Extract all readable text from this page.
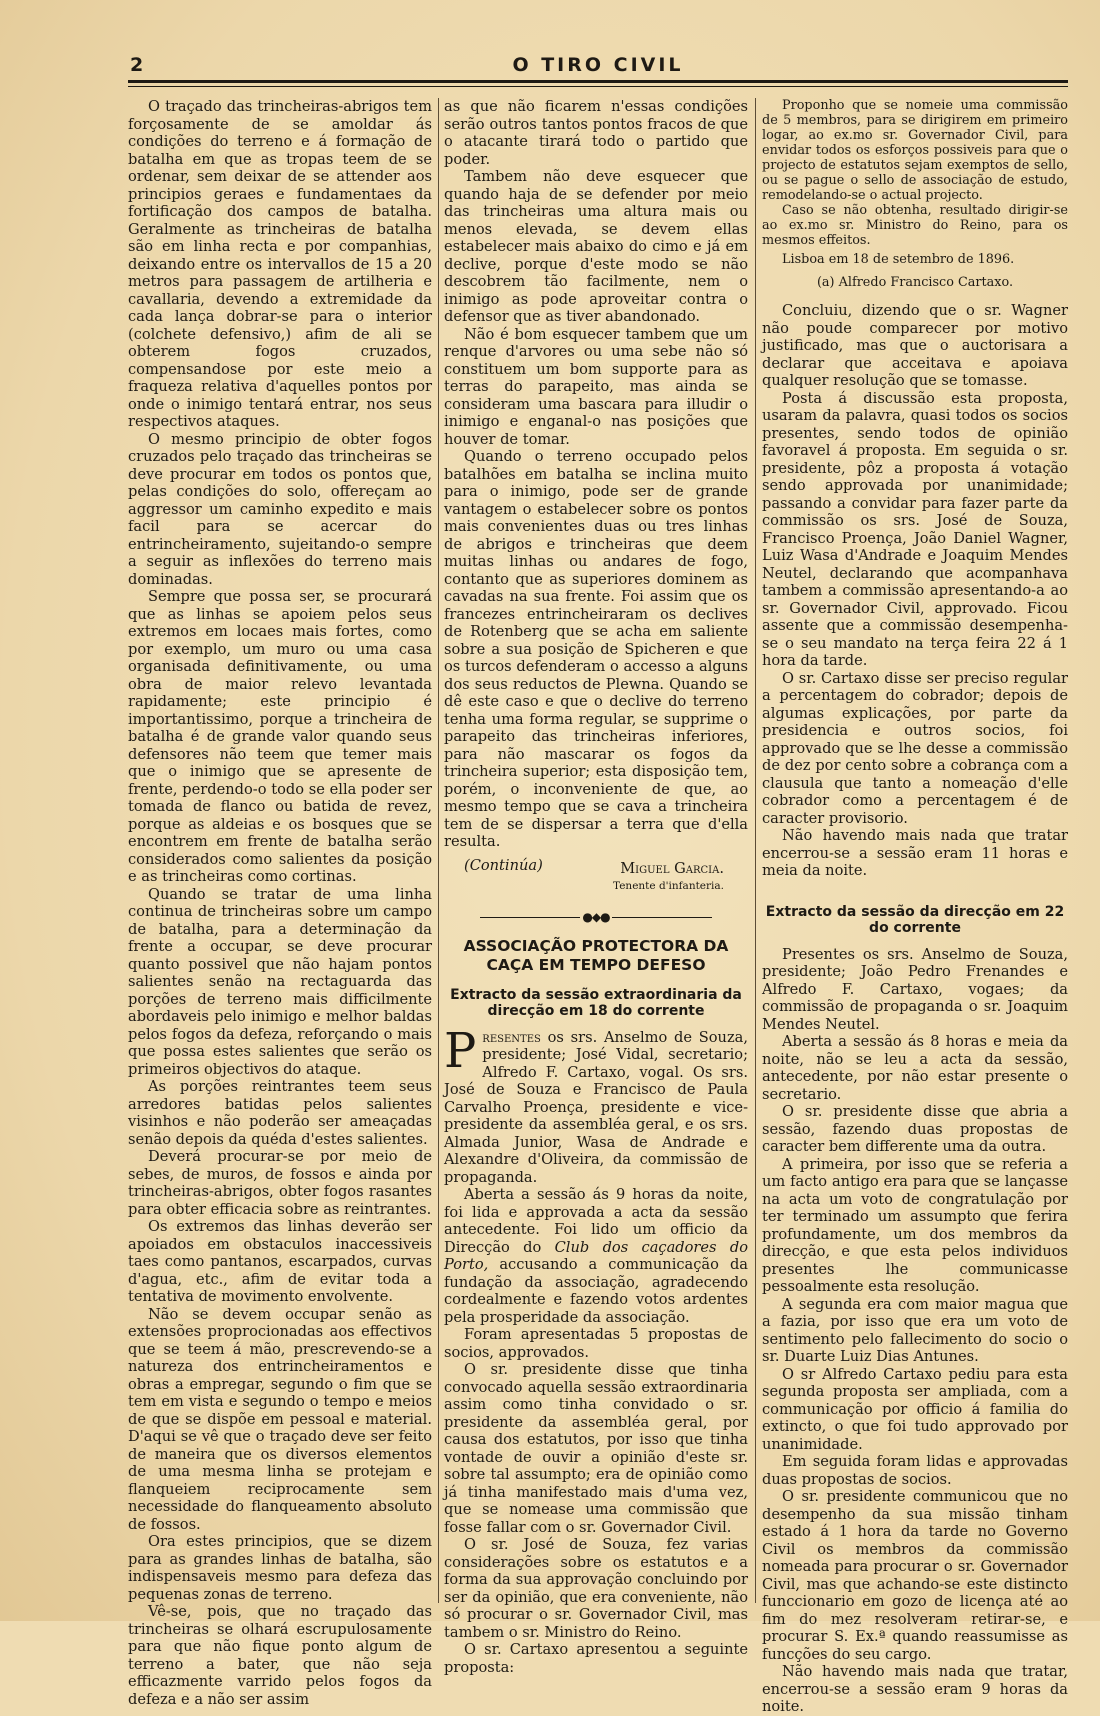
2	O TIRO CIVIL

O traçado das trincheiras-abrigos tem forçosamente de se amoldar ás condições do terreno e á formação de batalha em que as tropas teem de se ordenar, sem deixar de se attender aos principios geraes e fundamentaes da fortificação dos campos de batalha. Geralmente as trincheiras de batalha são em linha recta e por companhias, deixando entre os intervallos de 15 a 20 metros para passagem de artilheria e cavallaria, devendo a extremidade da cada lança dobrar-se para o interior (colchete defensivo,) afim de ali se obterem fogos cruzados, compensandose por este meio a fraqueza relativa d'aquelles pontos por onde o inimigo tentará entrar, nos seus respectivos ataques.

O mesmo principio de obter fogos cruzados pelo traçado das trincheiras se deve procurar em todos os pontos que, pelas condições do solo, offereçam ao aggressor um caminho expedito e mais facil para se acercar do entrincheiramento, sujeitando-o sempre a seguir as inflexões do terreno mais dominadas.

Sempre que possa ser, se procurará que as linhas se apoiem pelos seus extremos em locaes mais fortes, como por exemplo, um muro ou uma casa organisada definitivamente, ou uma obra de maior relevo levantada rapidamente; este principio é importantissimo, porque a trincheira de batalha é de grande valor quando seus defensores não teem que temer mais que o inimigo que se apresente de frente, perdendo-o todo se ella poder ser tomada de flanco ou batida de revez, porque as aldeias e os bosques que se encontrem em frente de batalha serão considerados como salientes da posição e as trincheiras como cortinas.

Quando se tratar de uma linha continua de trincheiras sobre um campo de batalha, para a determinação da frente a occupar, se deve procurar quanto possivel que não hajam pontos salientes senão na rectaguarda das porções de terreno mais difficilmente abordaveis pelo inimigo e melhor baldas pelos fogos da defeza, reforçando o mais que possa estes salientes que serão os primeiros objectivos do ataque.

As porções reintrantes teem seus arredores batidas pelos salientes visinhos e não poderão ser ameaçadas senão depois da quéda d'estes salientes.

Deverá procurar-se por meio de sebes, de muros, de fossos e ainda por trincheiras-abrigos, obter fogos rasantes para obter efficacia sobre as reintrantes.

Os extremos das linhas deverão ser apoiados em obstaculos inaccessiveis taes como pantanos, escarpados, curvas d'agua, etc., afim de evitar toda a tentativa de movimento envolvente.

Não se devem occupar senão as extensões proprocionadas aos effectivos que se teem á mão, prescrevendo-se a natureza dos entrincheiramentos e obras a empregar, segundo o fim que se tem em vista e segundo o tempo e meios de que se dispõe em pessoal e material. D'aqui se vê que o traçado deve ser feito de maneira que os diversos elementos de uma mesma linha se protejam e flanqueiem reciprocamente sem necessidade do flanqueamento absoluto de fossos.

Ora estes principios, que se dizem para as grandes linhas de batalha, são indispensaveis mesmo para defeza das pequenas zonas de terreno.

Vê-se, pois, que no traçado das trincheiras se olhará escrupulosamente para que não fique ponto algum de terreno a bater, que não seja efficazmente varrido pelos fogos da defeza e a não ser assim

as que não ficarem n'essas condições serão outros tantos pontos fracos de que o atacante tirará todo o partido que poder.

Tambem não deve esquecer que quando haja de se defender por meio das trincheiras uma altura mais ou menos elevada, se devem ellas estabelecer mais abaixo do cimo e já em declive, porque d'este modo se não descobrem tão facilmente, nem o inimigo as pode aproveitar contra o defensor que as tiver abandonado.

Não é bom esquecer tambem que um renque d'arvores ou uma sebe não só constituem um bom supporte para as terras do parapeito, mas ainda se consideram uma bascara para illudir o inimigo e enganal-o nas posições que houver de tomar.

Quando o terreno occupado pelos batalhões em batalha se inclina muito para o inimigo, pode ser de grande vantagem o estabelecer sobre os pontos mais convenientes duas ou tres linhas de abrigos e trincheiras que deem muitas linhas ou andares de fogo, contanto que as superiores dominem as cavadas na sua frente. Foi assim que os francezes entrincheiraram os declives de Rotenberg que se acha em saliente sobre a sua posição de Spicheren e que os turcos defenderam o accesso a alguns dos seus reductos de Plewna. Quando se dê este caso e que o declive do terreno tenha uma forma regular, se supprime o parapeito das trincheiras inferiores, para não mascarar os fogos da trincheira superior; esta disposição tem, porém, o inconveniente de que, ao mesmo tempo que se cava a trincheira tem de se dispersar a terra que d'ella resulta.

(Continúa)	Miguel Garcia.

Tenente d'infanteria.

●◆●
ASSOCIAÇÃO PROTECTORA DA CAÇA EM TEMPO DEFESO
Extracto da sessão extraordinaria da direcção em 18 do corrente

Presentes os srs. Anselmo de Souza, presidente; José Vidal, secretario; Alfredo F. Cartaxo, vogal. Os srs. José de Souza e Francisco de Paula Carvalho Proença, presidente e vice-presidente da assembléa geral, e os srs. Almada Junior, Wasa de Andrade e Alexandre d'Oliveira, da commissão de propaganda.

Aberta a sessão ás 9 horas da noite, foi lida e approvada a acta da sessão antecedente. Foi lido um officio da Direcção do Club dos caçadores do Porto, accusando a communicação da fundação da associação, agradecendo cordealmente e fazendo votos ardentes pela prosperidade da associação.

Foram apresentadas 5 propostas de socios, approvados.

O sr. presidente disse que tinha convocado aquella sessão extraordinaria assim como tinha convidado o sr. presidente da assembléa geral, por causa dos estatutos, por isso que tinha vontade de ouvir a opinião d'este sr. sobre tal assumpto; era de opinião como já tinha manifestado mais d'uma vez, que se nomease uma commissão que fosse fallar com o sr. Governador Civil.

O sr. José de Souza, fez varias considerações sobre os estatutos e a forma da sua approvação concluindo por ser da opinião, que era conveniente, não só procurar o sr. Governador Civil, mas tambem o sr. Ministro do Reino.

O sr. Cartaxo apresentou a seguinte proposta:

Proponho que se nomeie uma commissão de 5 membros, para se dirigirem em primeiro logar, ao ex.mo sr. Governador Civil, para envidar todos os esforços possiveis para que o projecto de estatutos sejam exemptos de sello, ou se pague o sello de associação de estudo, remodelando-se o actual projecto.

Caso se não obtenha, resultado dirigir-se ao ex.mo sr. Ministro do Reino, para os mesmos effeitos.

Lisboa em 18 de setembro de 1896.

(a) Alfredo Francisco Cartaxo.

Concluiu, dizendo que o sr. Wagner não poude comparecer por motivo justificado, mas que o auctorisara a declarar que acceitava e apoiava qualquer resolução que se tomasse.

Posta á discussão esta proposta, usaram da palavra, quasi todos os socios presentes, sendo todos de opinião favoravel á proposta. Em seguida o sr. presidente, pôz a proposta á votação sendo approvada por unanimidade; passando a convidar para fazer parte da commissão os srs. José de Souza, Francisco Proença, João Daniel Wagner, Luiz Wasa d'Andrade e Joaquim Mendes Neutel, declarando que acompanhava tambem a commissão apresentando-a ao sr. Governador Civil, approvado. Ficou assente que a commissão desempenha-se o seu mandato na terça feira 22 á 1 hora da tarde.

O sr. Cartaxo disse ser preciso regular a percentagem do cobrador; depois de algumas explicações, por parte da presidencia e outros socios, foi approvado que se lhe desse a commissão de dez por cento sobre a cobrança com a clausula que tanto a nomeação d'elle cobrador como a percentagem é de caracter provisorio.

Não havendo mais nada que tratar encerrou-se a sessão eram 11 horas e meia da noite.

Extracto da sessão da direcção em 22 do corrente

Presentes os srs. Anselmo de Souza, presidente; João Pedro Frenandes e Alfredo F. Cartaxo, vogaes; da commissão de propaganda o sr. Joaquim Mendes Neutel.

Aberta a sessão ás 8 horas e meia da noite, não se leu a acta da sessão, antecedente, por não estar presente o secretario.

O sr. presidente disse que abria a sessão, fazendo duas propostas de caracter bem differente uma da outra.

A primeira, por isso que se referia a um facto antigo era para que se lançasse na acta um voto de congratulação por ter terminado um assumpto que ferira profundamente, um dos membros da direcção, e que esta pelos individuos presentes lhe communicasse pessoalmente esta resolução.

A segunda era com maior magua que a fazia, por isso que era um voto de sentimento pelo fallecimento do socio o sr. Duarte Luiz Dias Antunes.

O sr Alfredo Cartaxo pediu para esta segunda proposta ser ampliada, com a communicação por officio á familia do extincto, o que foi tudo approvado por unanimidade.

Em seguida foram lidas e approvadas duas propostas de socios.

O sr. presidente communicou que no desempenho da sua missão tinham estado á 1 hora da tarde no Governo Civil os membros da commissão nomeada para procurar o sr. Governador Civil, mas que achando-se este distincto funccionario em gozo de licença até ao fim do mez resolveram retirar-se, e procurar S. Ex.ª quando reassumisse as funcções do seu cargo.

Não havendo mais nada que tratar, encerrou-se a sessão eram 9 horas da noite.
